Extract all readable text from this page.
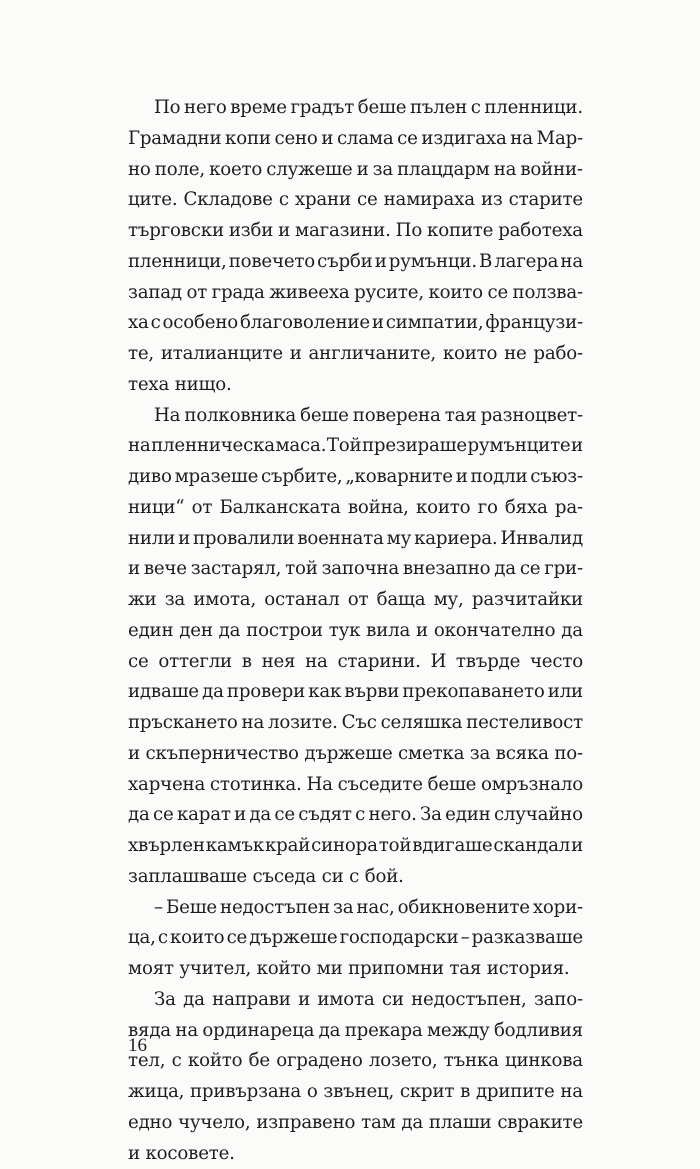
По него време градът беше пълен с пленници.
Грамадни копи сено и слама се издигаха на Мар-
но поле, което служеше и за плацдарм на войни-
ците. Складове с храни се намираха из старите
търговски изби и магазини. По копите работеха
пленници, повечето сърби и румънци. В лагера на
запад от града живееха руситe, които се ползва-
ха с особено благоволение и симпатии, французи-
те, италианците и англичаните, които не рабо-
теха нищо.
На полковника беше поверена тая разноцвет-
на пленническа маса. Той презираше румънците и
диво мразеше сърбите, „коварните и подли съюз-
ници“ от Балканската война, които го бяха ра-
нили и провалили военната му кариера. Инвалид
и вече застарял, той започна внезапно да се гри-
жи за имота, останал от баща му, разчитайки
един ден да построи тук вила и окончателно да
се оттегли в нея на старини. И твърде често
идваше да провери как върви прекопаването или
пръскането на лозите. Със селяшка пестеливост
и скъперничество държеше сметка за всяка по-
харчена стотинка. На съседите беше омръзнало
да се карат и да се съдят с него. За един случайно
хвърлен камък край синора той вдигаше скандал и
заплашваше съседа си с бой.
– Беше недостъпен за нас, обикновените хори-
ца, с които се държеше господарски – разказваше
моят учител, който ми припомни тая история.
За да направи и имота си недостъпен, запо-
вяда на ординареца да прекара между бодливия
тел, с който бе оградено лозето, тънка цинкова
жица, привързана о звънец, скрит в дрипите на
едно чучело, изправено там да плаши свраките
и косовете.
16
